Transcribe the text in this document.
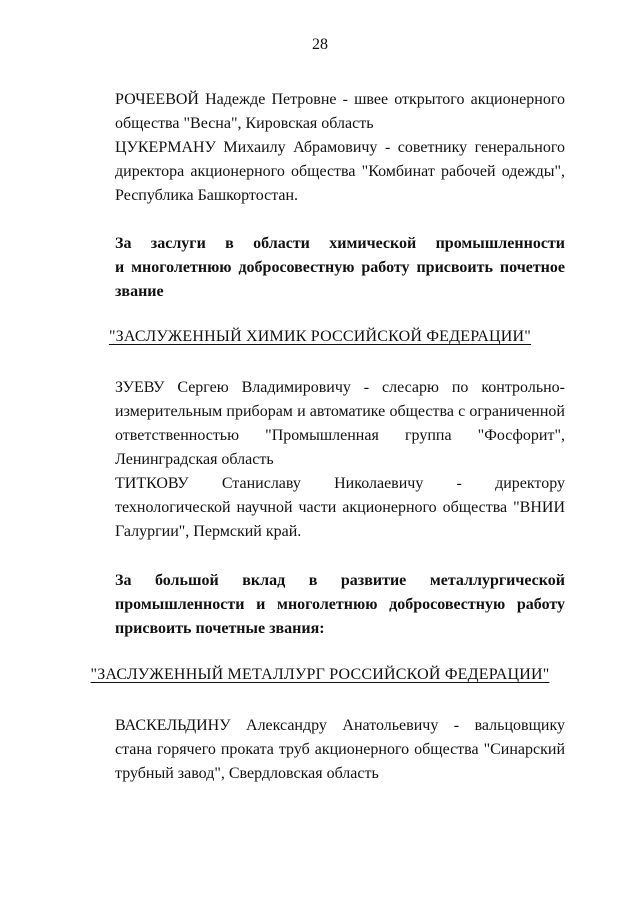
28
РОЧЕЕВОЙ Надежде Петровне - швее открытого акционерного
общества "Весна", Кировская область
ЦУКЕРМАНУ Михаилу Абрамовичу - советнику генерального
директора акционерного общества "Комбинат рабочей одежды",
Республика Башкортостан.
За заслуги в области химической промышленности
и многолетнюю добросовестную работу присвоить почетное
звание
"ЗАСЛУЖЕННЫЙ ХИМИК РОССИЙСКОЙ ФЕДЕРАЦИИ"
ЗУЕВУ Сергею Владимировичу - слесарю по контрольно-
измерительным приборам и автоматике общества с ограниченной
ответственностью "Промышленная группа "Фосфорит",
Ленинградская область
ТИТКОВУ Станиславу Николаевичу - директору
технологической научной части акционерного общества "ВНИИ
Галургии", Пермский край.
За большой вклад в развитие металлургической
промышленности и многолетнюю добросовестную работу
присвоить почетные звания:
"ЗАСЛУЖЕННЫЙ МЕТАЛЛУРГ РОССИЙСКОЙ ФЕДЕРАЦИИ"
ВАСКЕЛЬДИНУ Александру Анатольевичу - вальцовщику
стана горячего проката труб акционерного общества "Синарский
трубный завод", Свердловская область
